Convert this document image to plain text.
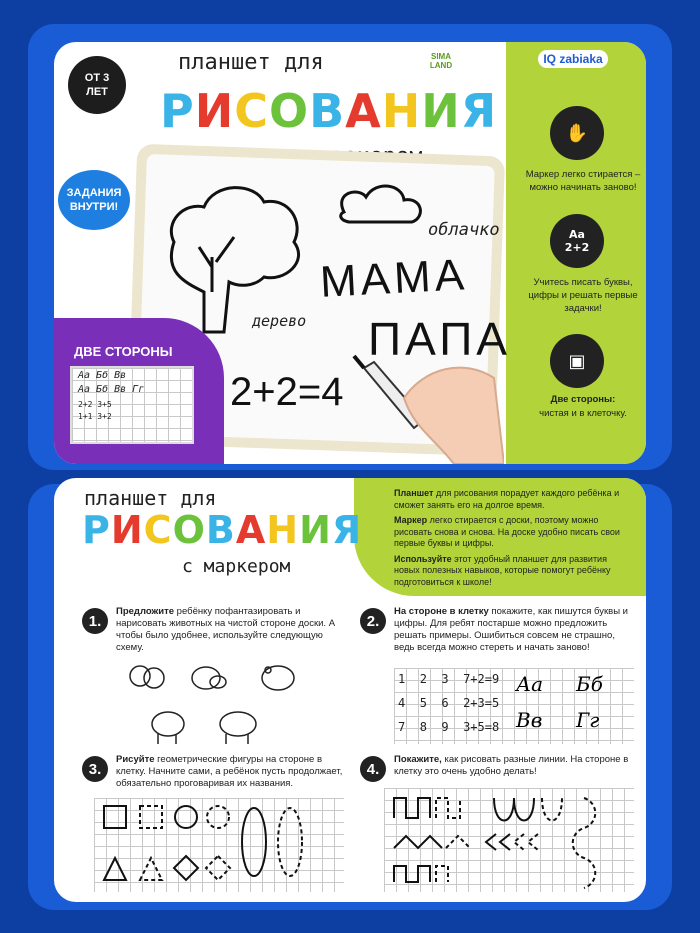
ОТ 3 ЛЕТ
планшет для	SIMA LAND
РИСОВАНИЯ
ЗАДАНИЯ ВНУТРИ!
облачко
МАМА
дерево ПАПА
2+2=4
ДВЕ СТОРОНЫ
Аа Бб Вв
Аа Бб Вв Гг
2+2 3+5
1+1 3+2
IQ zabiaka
✋
Маркер легко стирается – можно начинать заново!
Аа 2+2
Учитесь писать буквы, цифры и решать первые задачки!
▣
Две стороны:
чистая и в клеточку.
планшет для
РИСОВАНИЯ
с маркером

Планшет для рисования порадует каждого ребёнка и сможет занять его на долгое время.

Маркер легко стирается с доски, поэтому можно рисовать снова и снова. На доске удобно писать свои первые буквы и цифры.

Используйте этот удобный планшет для развития новых полезных навыков, которые помогут ребёнку подготовиться к школе!

1.
Предложите ребёнку пофантазировать и нарисовать животных на чистой стороне доски. А чтобы было удобнее, используйте следующую схему.
2.
На стороне в клетку покажите, как пишутся буквы и цифры. Для ребят постарше можно предложить решать примеры. Ошибиться совсем не страшно, ведь всегда можно стереть и начать заново!
1 2 3 7+2=9
4 5 6 2+3=5
7 8 9 3+5=8
Аа Бб
Вв Гг
3.
Рисуйте геометрические фигуры на стороне в клетку. Начните сами, а ребёнок пусть продолжает, обязательно проговаривая их названия.
4.
Покажите, как рисовать разные линии. На стороне в клетку это очень удобно делать!
